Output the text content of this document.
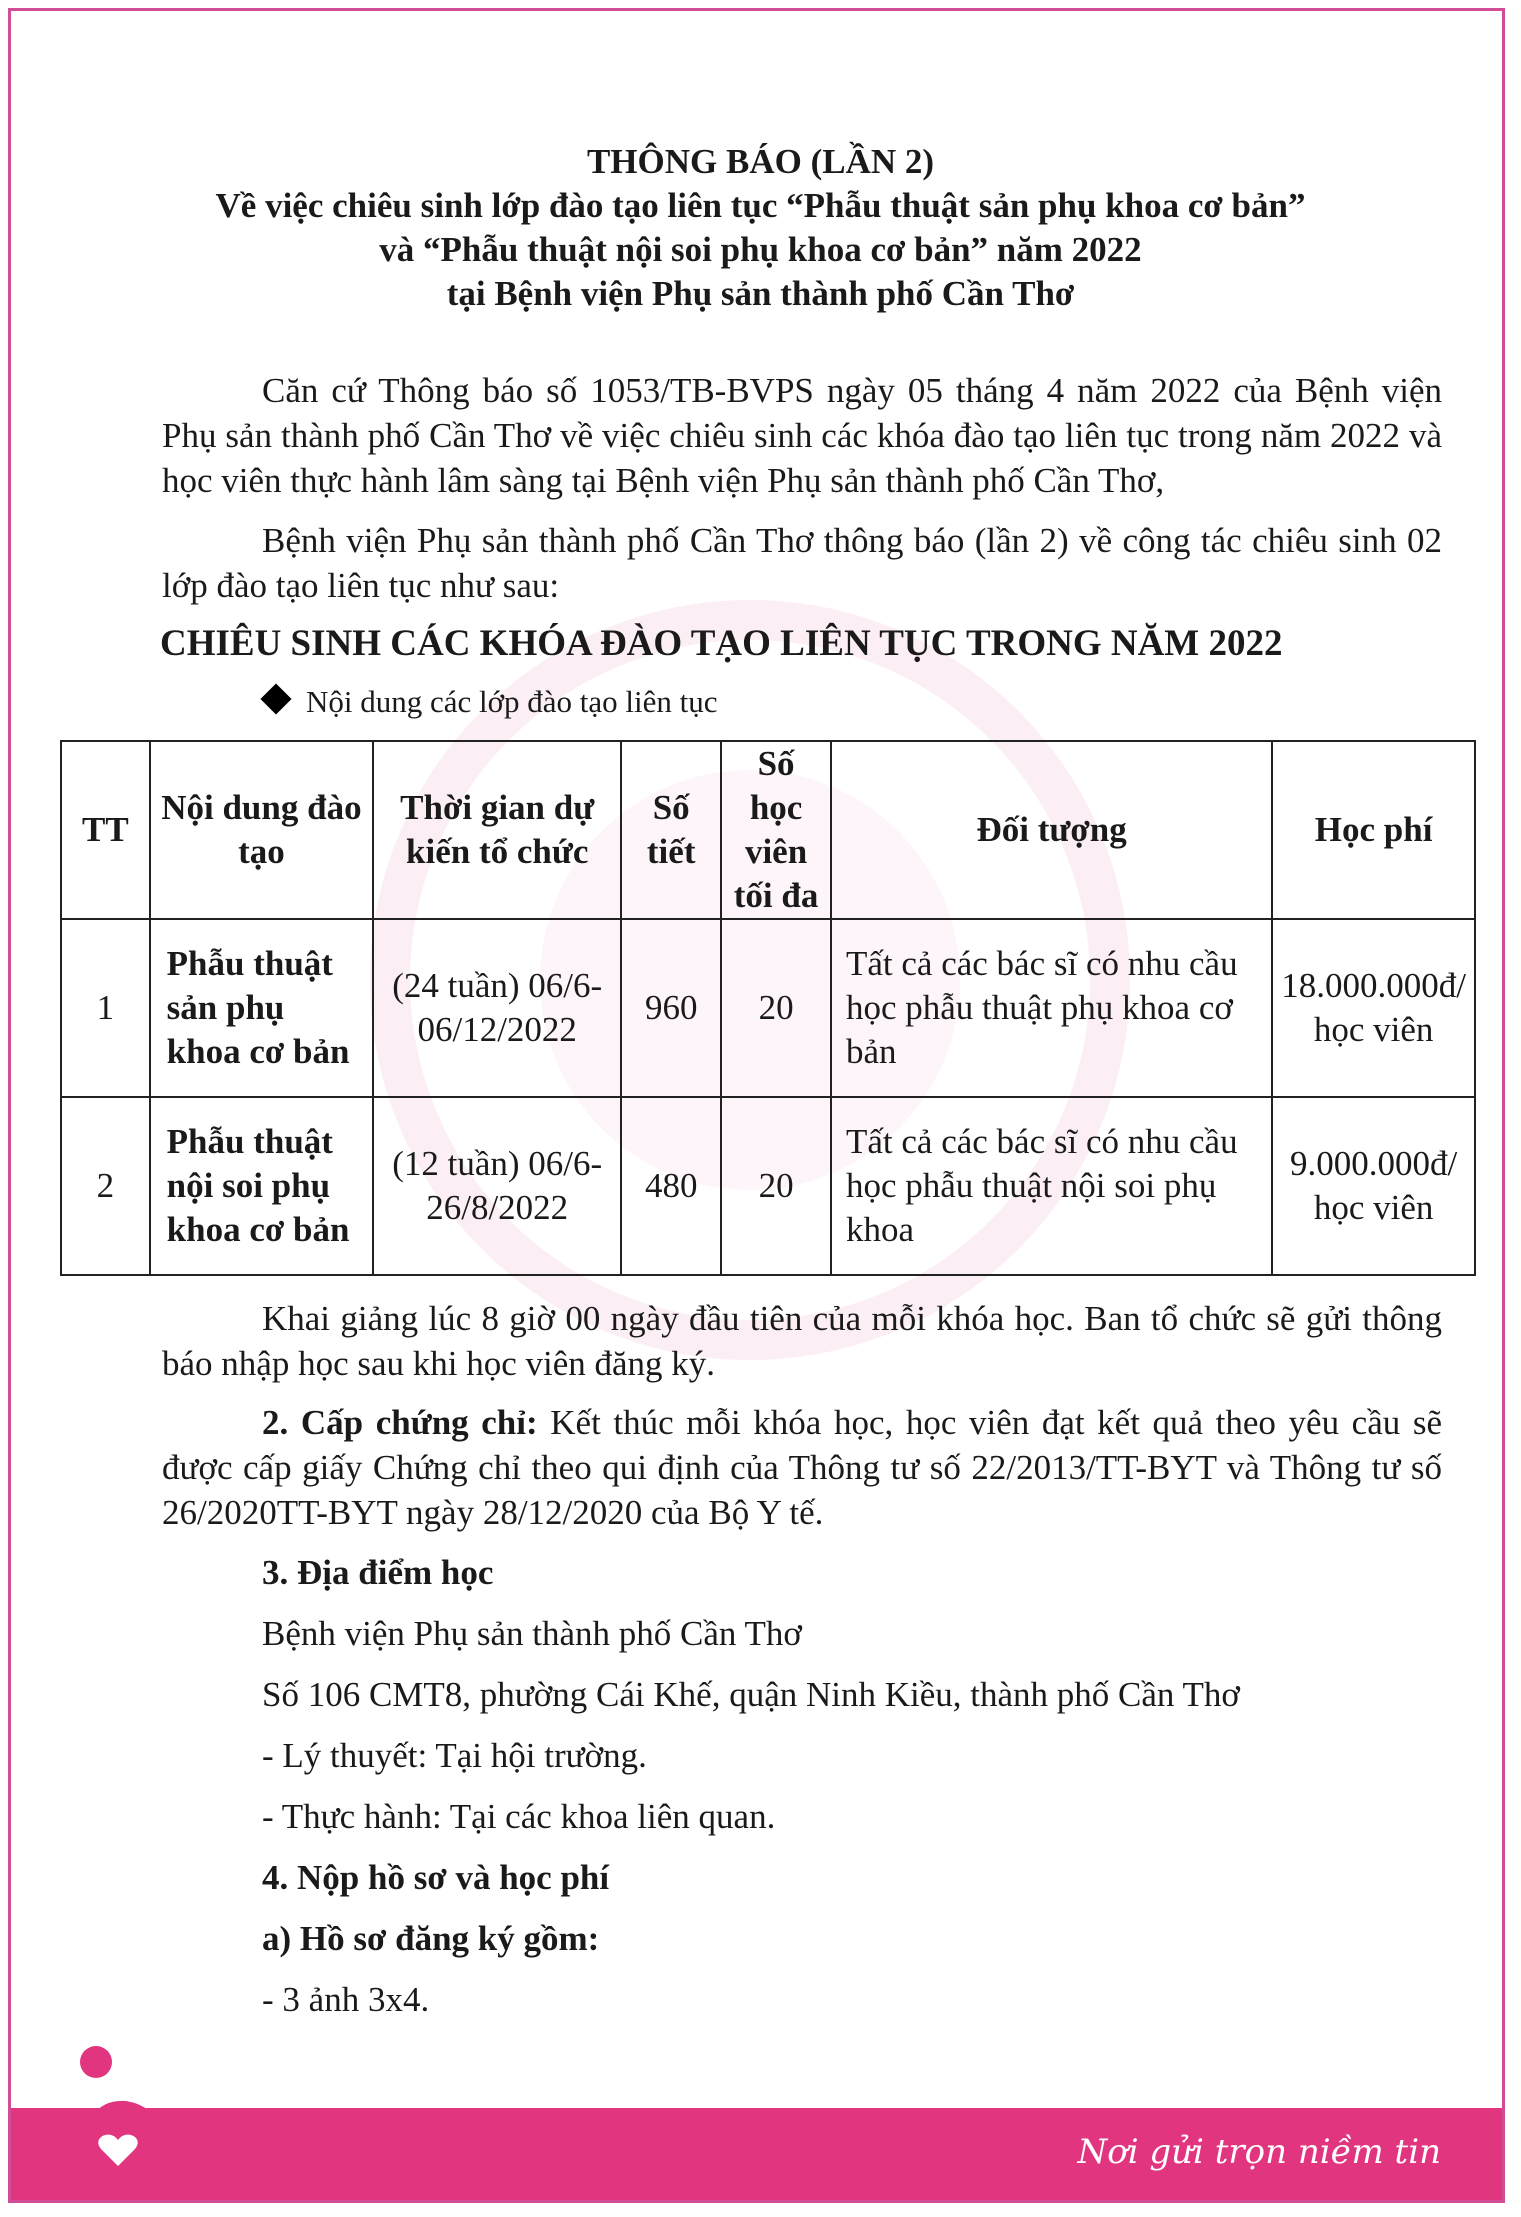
THÔNG BÁO (LẦN 2)
Về việc chiêu sinh lớp đào tạo liên tục “Phẫu thuật sản phụ khoa cơ bản”
và “Phẫu thuật nội soi phụ khoa cơ bản” năm 2022
tại Bệnh viện Phụ sản thành phố Cần Thơ
Căn cứ Thông báo số 1053/TB-BVPS ngày 05 tháng 4 năm 2022 của Bệnh viện Phụ sản thành phố Cần Thơ về việc chiêu sinh các khóa đào tạo liên tục trong năm 2022 và học viên thực hành lâm sàng tại Bệnh viện Phụ sản thành phố Cần Thơ,
Bệnh viện Phụ sản thành phố Cần Thơ thông báo (lần 2) về công tác chiêu sinh 02 lớp đào tạo liên tục như sau:
CHIÊU SINH CÁC KHÓA ĐÀO TẠO LIÊN TỤC TRONG NĂM 2022
Nội dung các lớp đào tạo liên tục
TT	Nội dung đào tạo	Thời gian dự kiến tổ chức	Số tiết	Số học viên tối đa	Đối tượng	Học phí
1	Phẫu thuật sản phụ khoa cơ bản	(24 tuần) 06/6-06/12/2022	960	20	Tất cả các bác sĩ có nhu cầu học phẫu thuật phụ khoa cơ bản	18.000.000đ/ học viên
2	Phẫu thuật nội soi phụ khoa cơ bản	(12 tuần) 06/6-26/8/2022	480	20	Tất cả các bác sĩ có nhu cầu học phẫu thuật nội soi phụ khoa	9.000.000đ/ học viên
Khai giảng lúc 8 giờ 00 ngày đầu tiên của mỗi khóa học. Ban tổ chức sẽ gửi thông báo nhập học sau khi học viên đăng ký.
2. Cấp chứng chỉ: Kết thúc mỗi khóa học, học viên đạt kết quả theo yêu cầu sẽ được cấp giấy Chứng chỉ theo qui định của Thông tư số 22/2013/TT-BYT và Thông tư số 26/2020TT-BYT ngày 28/12/2020 của Bộ Y tế.
3. Địa điểm học
Bệnh viện Phụ sản thành phố Cần Thơ
Số 106 CMT8, phường Cái Khế, quận Ninh Kiều, thành phố Cần Thơ
- Lý thuyết: Tại hội trường.
- Thực hành: Tại các khoa liên quan.
4. Nộp hồ sơ và học phí
a) Hồ sơ đăng ký gồm:
- 3 ảnh 3x4.
Nơi gửi trọn niềm tin
